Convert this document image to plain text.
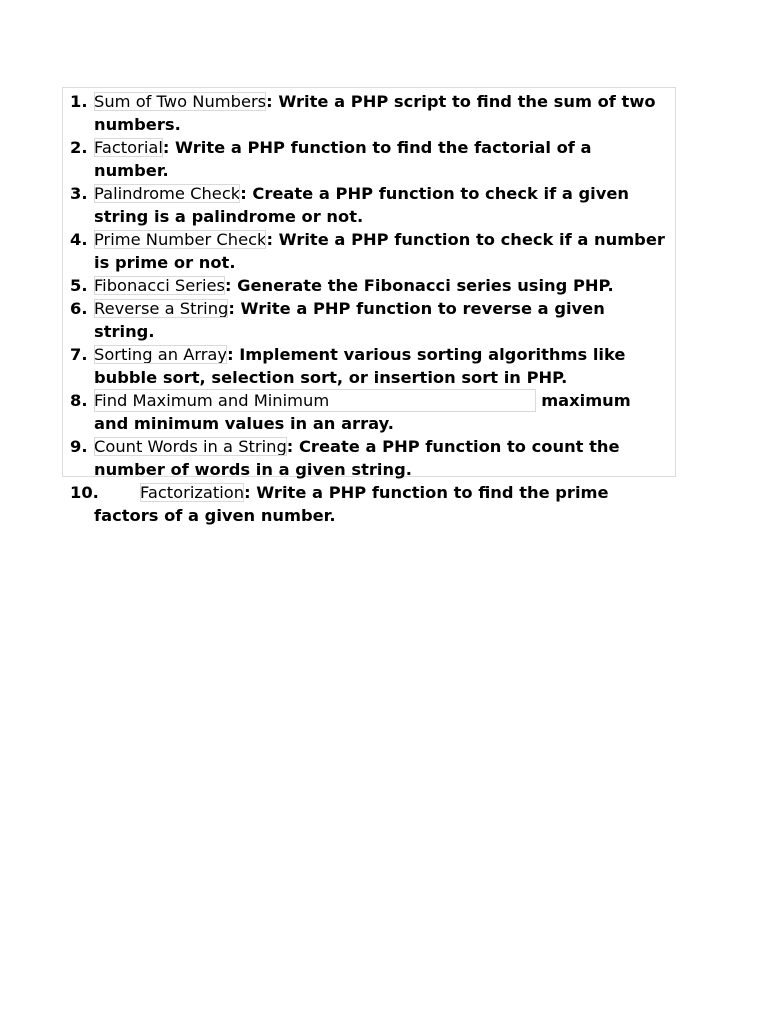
1. Sum of Two Numbers: Write a PHP script to find the sum of two numbers.
2. Factorial: Write a PHP function to find the factorial of a number.
3. Palindrome Check: Create a PHP function to check if a given string is a palindrome or not.
4. Prime Number Check: Write a PHP function to check if a number is prime or not.
5. Fibonacci Series: Generate the Fibonacci series using PHP.
6. Reverse a String: Write a PHP function to reverse a given string.
7. Sorting an Array: Implement various sorting algorithms like bubble sort, selection sort, or insertion sort in PHP.
8. Find Maximum and Minimum	maximum and minimum values in an array.
9. Count Words in a String: Create a PHP function to count the number of words in a given string.
10.	Factorization: Write a PHP function to find the prime factors of a given number.
